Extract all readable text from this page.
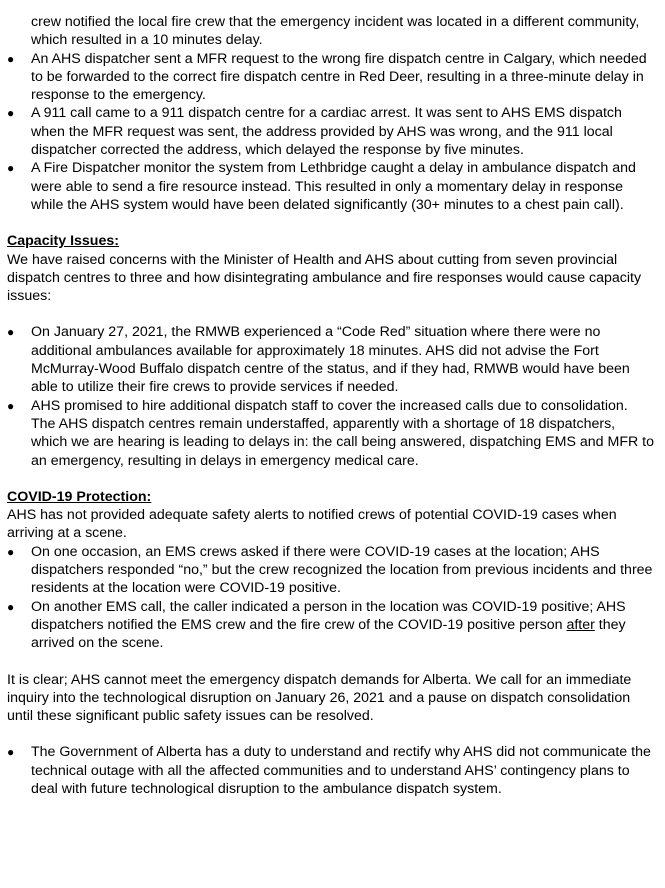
crew notified the local fire crew that the emergency incident was located in a different community, which resulted in a 10 minutes delay.

●	An AHS dispatcher sent a MFR request to the wrong fire dispatch centre in Calgary, which needed to be forwarded to the correct fire dispatch centre in Red Deer, resulting in a three-minute delay in response to the emergency.
●	A 911 call came to a 911 dispatch centre for a cardiac arrest. It was sent to AHS EMS dispatch when the MFR request was sent, the address provided by AHS was wrong, and the 911 local dispatcher corrected the address, which delayed the response by five minutes.
●	A Fire Dispatcher monitor the system from Lethbridge caught a delay in ambulance dispatch and were able to send a fire resource instead. This resulted in only a momentary delay in response while the AHS system would have been delated significantly (30+ minutes to a chest pain call).

Capacity Issues:

We have raised concerns with the Minister of Health and AHS about cutting from seven provincial dispatch centres to three and how disintegrating ambulance and fire responses would cause capacity issues:

●	On January 27, 2021, the RMWB experienced a “Code Red” situation where there were no additional ambulances available for approximately 18 minutes. AHS did not advise the Fort McMurray-Wood Buffalo dispatch centre of the status, and if they had, RMWB would have been able to utilize their fire crews to provide services if needed.
●	AHS promised to hire additional dispatch staff to cover the increased calls due to consolidation. The AHS dispatch centres remain understaffed, apparently with a shortage of 18 dispatchers, which we are hearing is leading to delays in: the call being answered, dispatching EMS and MFR to an emergency, resulting in delays in emergency medical care.

COVID-19 Protection:

AHS has not provided adequate safety alerts to notified crews of potential COVID-19 cases when arriving at a scene.

●	On one occasion, an EMS crews asked if there were COVID-19 cases at the location; AHS dispatchers responded “no,” but the crew recognized the location from previous incidents and three residents at the location were COVID-19 positive.
●	On another EMS call, the caller indicated a person in the location was COVID-19 positive; AHS dispatchers notified the EMS crew and the fire crew of the COVID-19 positive person after they arrived on the scene.

It is clear; AHS cannot meet the emergency dispatch demands for Alberta. We call for an immediate inquiry into the technological disruption on January 26, 2021 and a pause on dispatch consolidation until these significant public safety issues can be resolved.

●	The Government of Alberta has a duty to understand and rectify why AHS did not communicate the technical outage with all the affected communities and to understand AHS’ contingency plans to deal with future technological disruption to the ambulance dispatch system.
